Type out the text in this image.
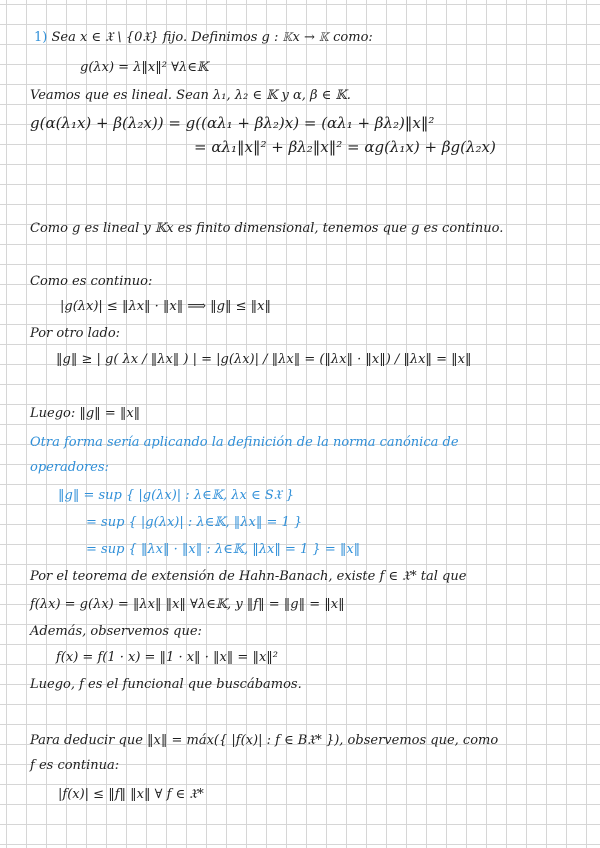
1) Sea x ∈ 𝔛 \ {0𝔛} fijo. Definimos g : 𝕂x → 𝕂 como:
g(λx) = λ‖x‖² ∀λ∈𝕂
Veamos que es lineal. Sean λ₁, λ₂ ∈ 𝕂 y α, β ∈ 𝕂.
g(α(λ₁x) + β(λ₂x)) = g((αλ₁ + βλ₂)x) = (αλ₁ + βλ₂)‖x‖²
= αλ₁‖x‖² + βλ₂‖x‖² = αg(λ₁x) + βg(λ₂x)
Como g es lineal y 𝕂x es finito dimensional, tenemos que g es continuo.
Como es continuo:
|g(λx)| ≤ ‖λx‖ · ‖x‖ ⟹ ‖g‖ ≤ ‖x‖
Por otro lado:
‖g‖ ≥ | g( λx / ‖λx‖ ) | = |g(λx)| / ‖λx‖ = (‖λx‖ · ‖x‖) / ‖λx‖ = ‖x‖
Luego: ‖g‖ = ‖x‖
Otra forma sería aplicando la definición de la norma canónica de
operadores:
‖g‖ = sup { |g(λx)| : λ∈𝕂, λx ∈ S𝔛 }
= sup { |g(λx)| : λ∈𝕂, ‖λx‖ = 1 }
= sup { ‖λx‖ · ‖x‖ : λ∈𝕂, ‖λx‖ = 1 } = ‖x‖
Por el teorema de extensión de Hahn-Banach, existe f ∈ 𝔛* tal que
f(λx) = g(λx) = ‖λx‖ ‖x‖ ∀λ∈𝕂, y ‖f‖ = ‖g‖ = ‖x‖
Además, observemos que:
f(x) = f(1 · x) = ‖1 · x‖ · ‖x‖ = ‖x‖²
Luego, f es el funcional que buscábamos.
Para deducir que ‖x‖ = máx({ |f(x)| : f ∈ B𝔛* }), observemos que, como
f es continua:
|f(x)| ≤ ‖f‖ ‖x‖ ∀ f ∈ 𝔛*
